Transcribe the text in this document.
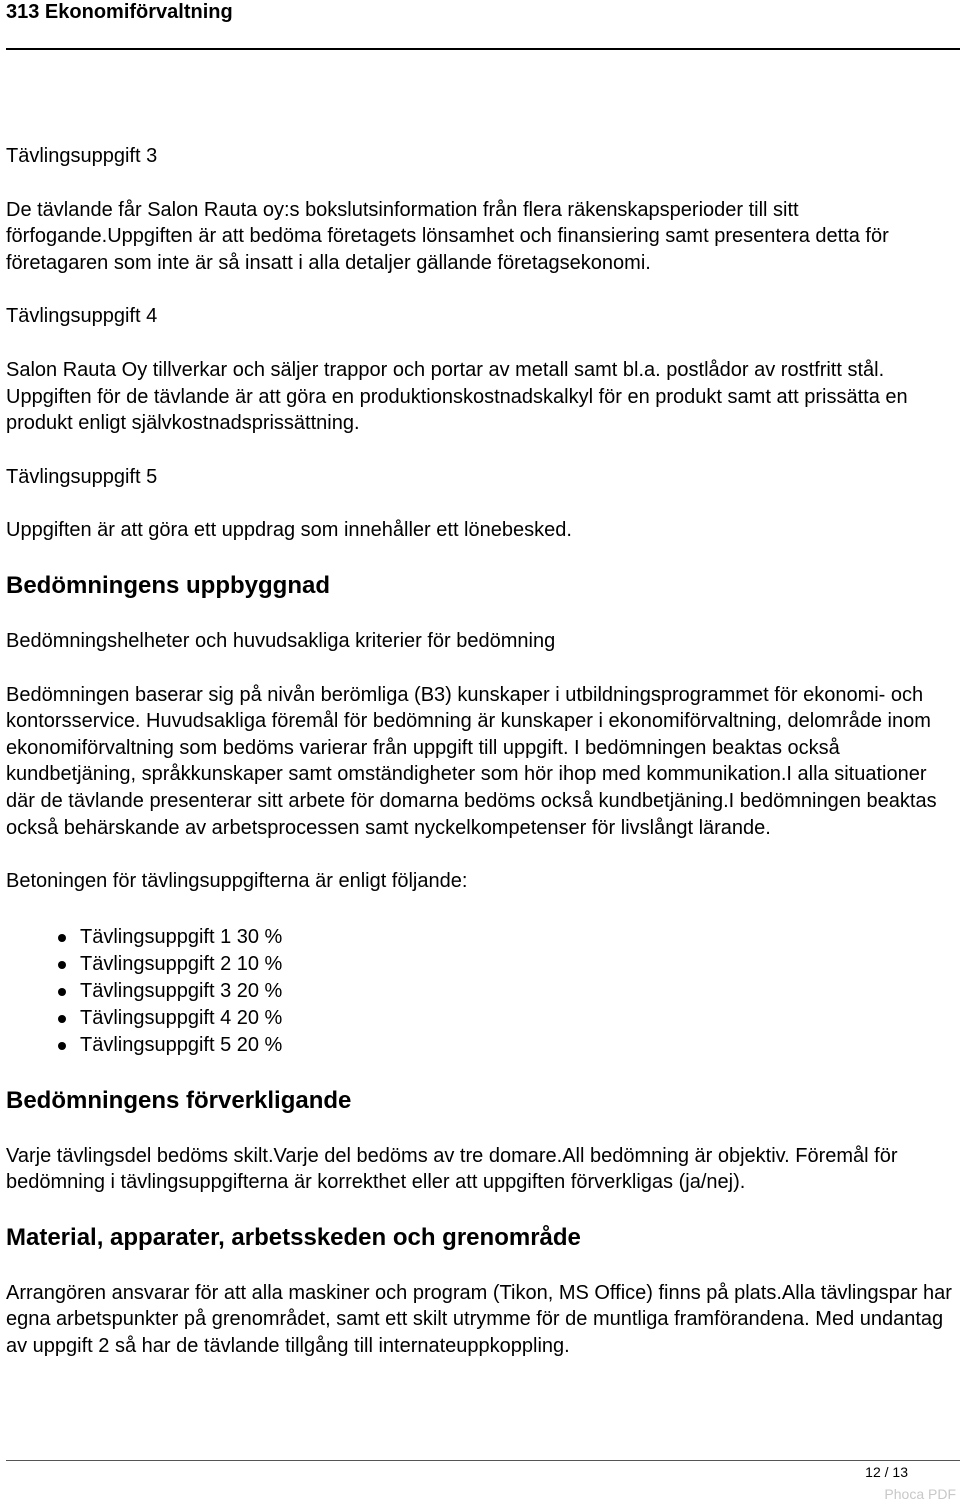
313 Ekonomiförvaltning

Tävlingsuppgift 3

De tävlande får Salon Rauta oy:s bokslutsinformation från flera räkenskapsperioder till sitt förfogande.Uppgiften är att bedöma företagets lönsamhet och finansiering samt presentera detta för företagaren som inte är så insatt i alla detaljer gällande företagsekonomi.

Tävlingsuppgift 4

Salon Rauta Oy tillverkar och säljer trappor och portar av metall samt bl.a. postlådor av rostfritt stål. Uppgiften för de tävlande är att göra en produktionskostnadskalkyl för en produkt samt att prissätta en produkt enligt självkostnadsprissättning.

Tävlingsuppgift 5

Uppgiften är att göra ett uppdrag som innehåller ett lönebesked.

Bedömningens uppbyggnad

Bedömningshelheter och huvudsakliga kriterier för bedömning

Bedömningen baserar sig på nivån berömliga (B3) kunskaper i utbildningsprogrammet för ekonomi- och kontorsservice. Huvudsakliga föremål för bedömning är kunskaper i ekonomiförvaltning, delområde inom ekonomiförvaltning som bedöms varierar från uppgift till uppgift. I bedömningen beaktas också kundbetjäning, språkkunskaper samt omständigheter som hör ihop med kommunikation.I alla situationer där de tävlande presenterar sitt arbete för domarna bedöms också kundbetjäning.I bedömningen beaktas också behärskande av arbetsprocessen samt nyckelkompetenser för livslångt lärande.

Betoningen för tävlingsuppgifterna är enligt följande:

Tävlingsuppgift 1 30 %
Tävlingsuppgift 2 10 %
Tävlingsuppgift 3 20 %
Tävlingsuppgift 4 20 %
Tävlingsuppgift 5 20 %

Bedömningens förverkligande

Varje tävlingsdel bedöms skilt.Varje del bedöms av tre domare.All bedömning är objektiv. Föremål för bedömning i tävlingsuppgifterna är korrekthet eller att uppgiften förverkligas (ja/nej).

Material, apparater, arbetsskeden och grenområde

Arrangören ansvarar för att alla maskiner och program (Tikon, MS Office) finns på plats.Alla tävlingspar har egna arbetspunkter på grenområdet, samt ett skilt utrymme för de muntliga framförandena. Med undantag av uppgift 2 så har de tävlande tillgång till internateuppkoppling.

12 / 13
Phoca PDF
